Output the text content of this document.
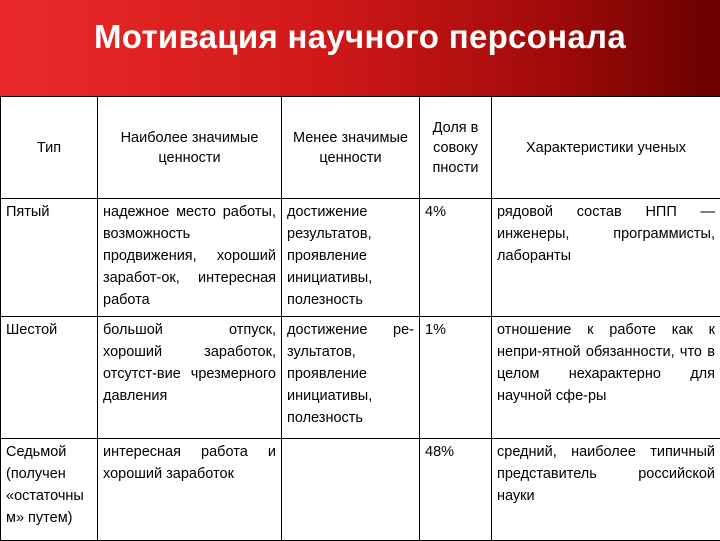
Мотивация научного персонала
Тип	Наиболее значимые ценности	Менее значимые ценности	Доля в совоку пности	Характеристики ученых
Пятый	надежное место работы, возможность продвижения, хороший заработ-ок, интересная работа	достижение результатов, проявление инициативы, полезность	4%	рядовой состав НПП — инженеры, программисты, лаборанты
Шестой	большой отпуск, хороший заработок, отсутст-вие чрезмерного давления	достижение ре-зультатов, проявление инициативы, полезность	1%	отношение к работе как к непри-ятной обязанности, что в целом нехарактерно для научной сфе-ры
Седьмой (получен «остаточны м» путем)	интересная работа и хороший заработок		48%	средний, наиболее типичный представитель российской науки
